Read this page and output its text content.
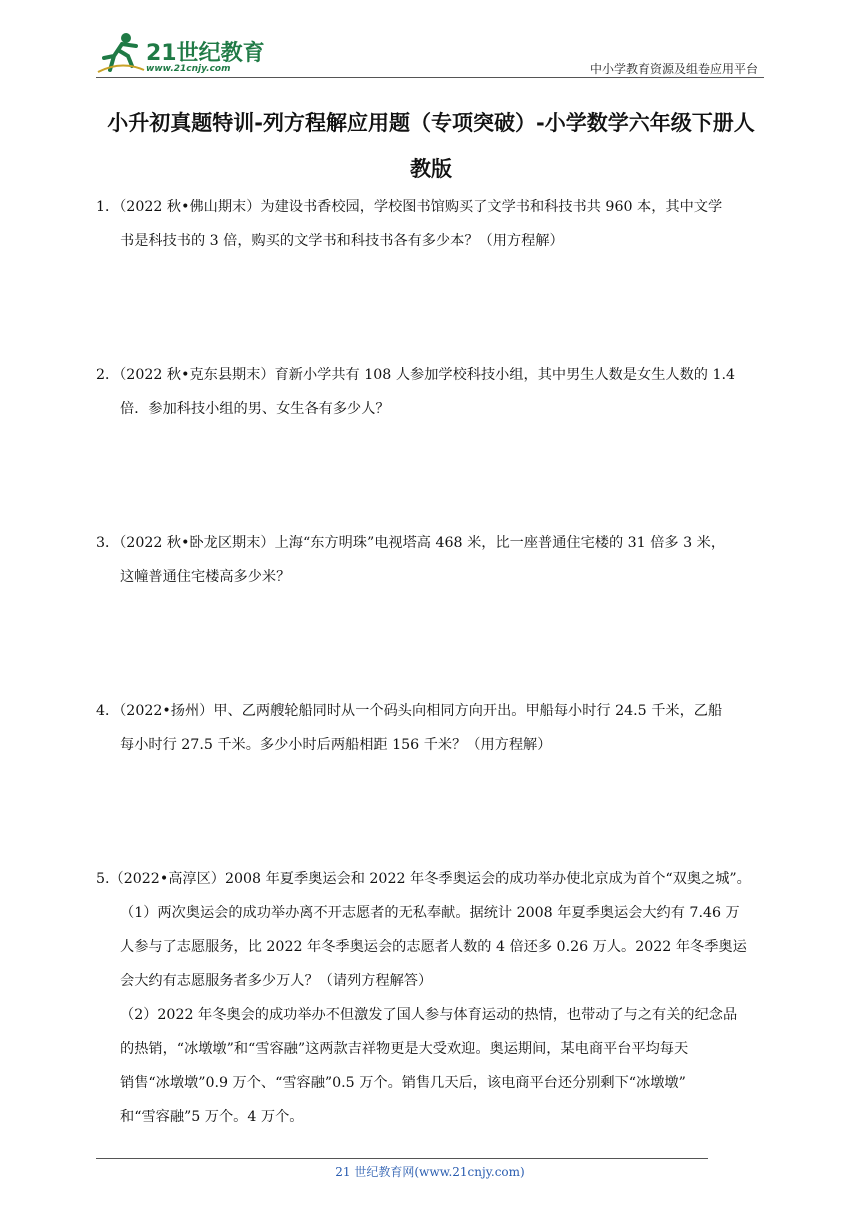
21世纪教育
www.21cnjy.com	中小学教育资源及组卷应用平台
小升初真题特训-列方程解应用题（专项突破）-小学数学六年级下册人
教版

1．（2022 秋•佛山期末）为建设书香校园，学校图书馆购买了文学书和科技书共 960 本，其中文学

书是科技书的 3 倍，购买的文学书和科技书各有多少本？（用方程解）

2．（2022 秋•克东县期末）育新小学共有 108 人参加学校科技小组，其中男生人数是女生人数的 1.4

倍．参加科技小组的男、女生各有多少人？

3．（2022 秋•卧龙区期末）上海“东方明珠”电视塔高 468 米，比一座普通住宅楼的 31 倍多 3 米，

这幢普通住宅楼高多少米？

4．（2022•扬州）甲、乙两艘轮船同时从一个码头向相同方向开出。甲船每小时行 24.5 千米，乙船

每小时行 27.5 千米。多少小时后两船相距 156 千米？（用方程解）

5.（2022•高淳区）2008 年夏季奥运会和 2022 年冬季奥运会的成功举办使北京成为首个“双奥之城”。

（1）两次奥运会的成功举办离不开志愿者的无私奉献。据统计 2008 年夏季奥运会大约有 7.46 万

人参与了志愿服务，比 2022 年冬季奥运会的志愿者人数的 4 倍还多 0.26 万人。2022 年冬季奥运

会大约有志愿服务者多少万人？（请列方程解答）

（2）2022 年冬奥会的成功举办不但激发了国人参与体育运动的热情，也带动了与之有关的纪念品

的热销，“冰墩墩”和“雪容融”这两款吉祥物更是大受欢迎。奥运期间，某电商平台平均每天

销售“冰墩墩”0.9 万个、“雪容融”0.5 万个。销售几天后，该电商平台还分别剩下“冰墩墩”

和“雪容融”5 万个。4 万个。

21 世纪教育网(www.21cnjy.com)
